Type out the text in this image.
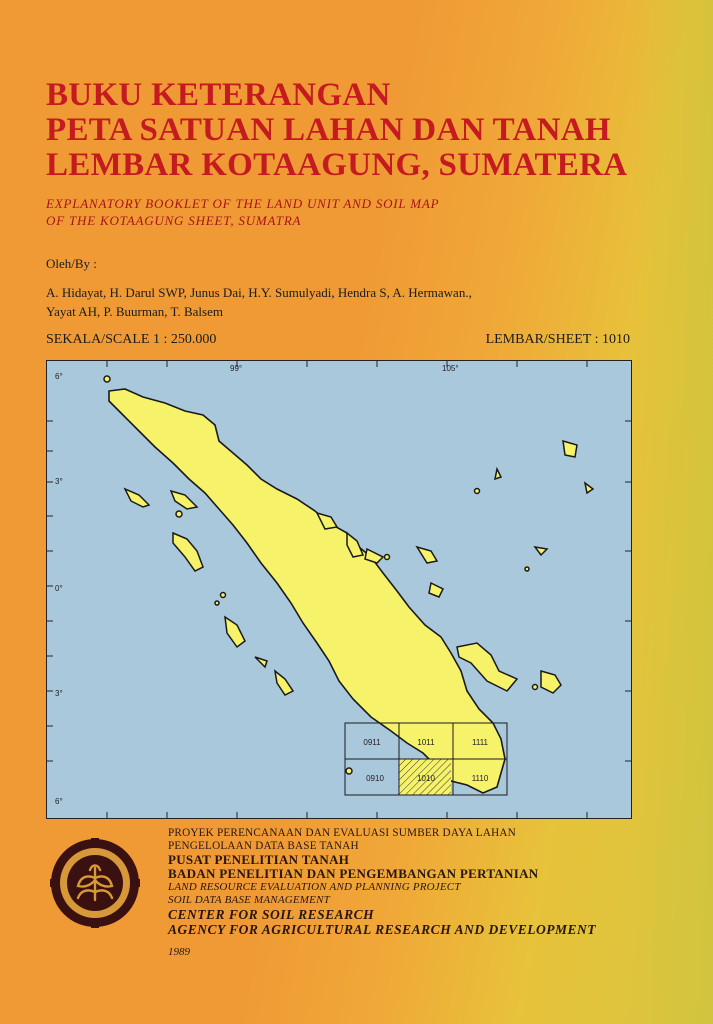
BUKU KETERANGAN
PETA SATUAN LAHAN DAN TANAH
LEMBAR KOTAAGUNG, SUMATERA
EXPLANATORY BOOKLET OF THE LAND UNIT AND SOIL MAP
OF THE KOTAAGUNG SHEET, SUMATRA
Oleh/By :
A. Hidayat, H. Darul SWP, Junus Dai, H.Y. Sumulyadi, Hendra S, A. Hermawan.,
Yayat AH, P. Buurman, T. Balsem
SEKALA/SCALE 1 : 250.000	LEMBAR/SHEET : 1010
6°
3°
0°
3°
6°
99°	105°
0911	1011	1111
0910	1010	1110
PROYEK PERENCANAAN DAN EVALUASI SUMBER DAYA LAHAN
PENGELOLAAN DATA BASE TANAH
PUSAT PENELITIAN TANAH
BADAN PENELITIAN DAN PENGEMBANGAN PERTANIAN
LAND RESOURCE EVALUATION AND PLANNING PROJECT
SOIL DATA BASE MANAGEMENT
CENTER FOR SOIL RESEARCH
AGENCY FOR AGRICULTURAL RESEARCH AND DEVELOPMENT
1989
